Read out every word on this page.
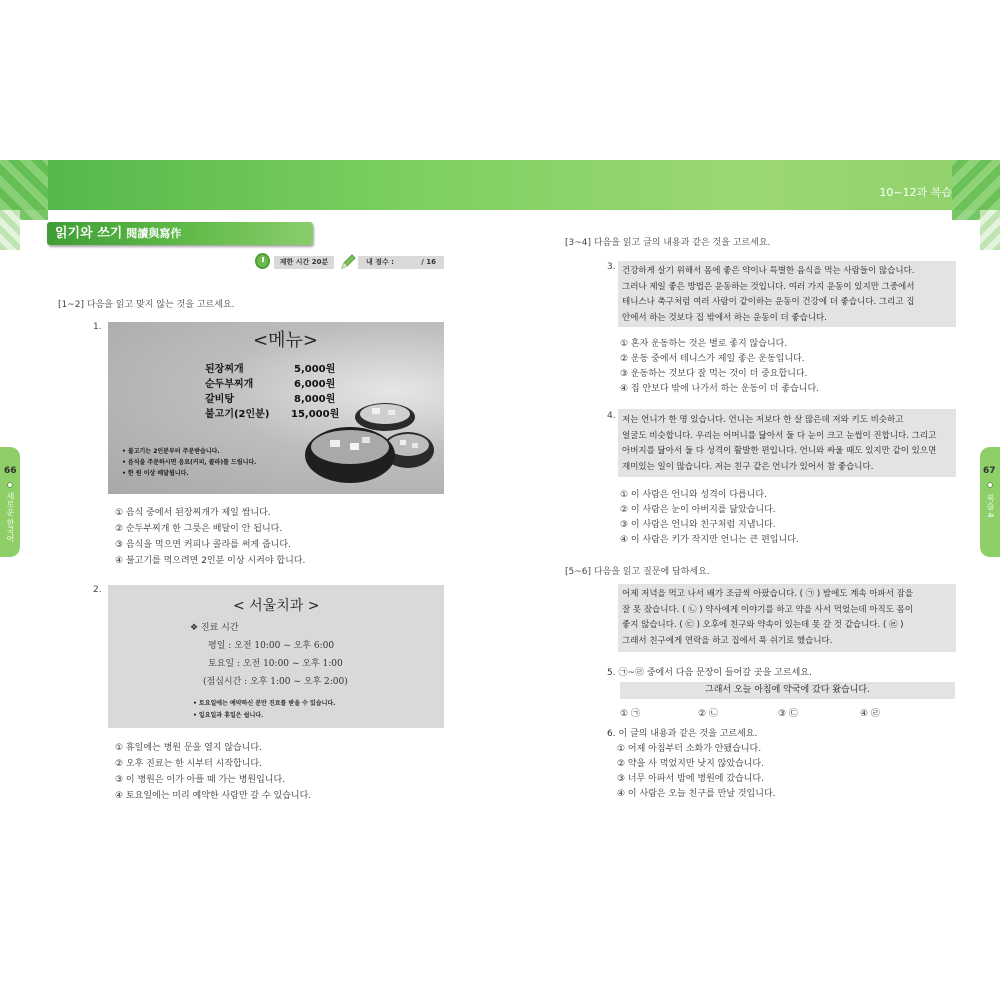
10~12과 복습
읽기와 쓰기 閱讀與寫作
제한 시간 20분	내 점수 :	/ 16
66
새로운 한국어
67
복습 4
[1~2] 다음을 읽고 맞지 않는 것을 고르세요.
1.
<메뉴>
된장찌개	5,000원
순두부찌개	6,000원
갈비탕	8,000원
불고기(2인분) 15,000원
• 불고기는 2인분부터 주문받습니다.
• 음식을 주문하시면 음료(커피, 콜라)를 드립니다.
• 한 원 이상 배달됩니다.
① 음식 중에서 된장찌개가 제일 쌉니다.
② 순두부찌개 한 그릇은 배달이 안 됩니다.
③ 음식을 먹으면 커피나 콜라를 써게 줍니다.
④ 불고기를 먹으려면 2인분 이상 시켜야 합니다.
2.
< 서울치과 >
❖ 진료 시간
평일 : 오전 10:00 ~ 오후 6:00
토요일 : 오전 10:00 ~ 오후 1:00
(점심시간 : 오후 1:00 ~ 오후 2:00)
• 토요일에는 예약하신 분만 진료를 받을 수 있습니다.
• 일요일과 휴일은 쉽니다.
① 휴일에는 병원 문을 열지 않습니다.
② 오후 진료는 한 시부터 시작합니다.
③ 이 병원은 이가 아플 때 가는 병원입니다.
④ 토요일에는 미리 예약한 사람만 갈 수 있습니다.
[3~4] 다음을 읽고 글의 내용과 같은 것을 고르세요.
3. 건강하게 살기 위해서 몸에 좋은 약이나 특별한 음식을 먹는 사람들이 많습니다.
그러나 제일 좋은 방법은 운동하는 것입니다. 여러 가지 운동이 있지만 그중에서
테니스나 축구처럼 여러 사람이 같이하는 운동이 건강에 더 좋습니다. 그리고 집
안에서 하는 것보다 집 밖에서 하는 운동이 더 좋습니다.
① 혼자 운동하는 것은 별로 좋지 않습니다.
② 운동 중에서 테니스가 제일 좋은 운동입니다.
③ 운동하는 것보다 잘 먹는 것이 더 중요합니다.
④ 집 안보다 밖에 나가서 하는 운동이 더 좋습니다.
4. 저는 언니가 한 명 있습니다. 언니는 저보다 한 살 많은데 저와 키도 비슷하고
얼굴도 비슷합니다. 우리는 어머니를 닮아서 둘 다 눈이 크고 눈썹이 진합니다. 그리고
아버지를 닮아서 둘 다 성격이 활발한 편입니다. 언니와 싸울 때도 있지만 같이 있으면
재미있는 일이 많습니다. 저는 친구 같은 언니가 있어서 참 좋습니다.
① 이 사람은 언니와 성격이 다릅니다.
② 이 사람은 눈이 아버지를 닮았습니다.
③ 이 사람은 언니와 친구처럼 지냅니다.
④ 이 사람은 키가 작지만 언니는 큰 편입니다.
[5~6] 다음을 읽고 질문에 답하세요.
어제 저녁을 먹고 나서 배가 조금씩 아팠습니다. ( ㉠ ) 밤에도 계속 아파서 잠을
잘 못 잤습니다. ( ㉡ ) 약사에게 이야기를 하고 약을 사서 먹었는데 아직도 몸이
좋지 않습니다. ( ㉢ ) 오후에 친구와 약속이 있는데 못 갈 것 같습니다. ( ㉣ )
그래서 친구에게 연락을 하고 집에서 푹 쉬기로 했습니다.
5. ㉠~㉣ 중에서 다음 문장이 들어갈 곳을 고르세요.
그래서 오늘 아침에 약국에 갔다 왔습니다.
① ㉠	② ㉡	③ ㉢	④ ㉣
6. 이 글의 내용과 같은 것을 고르세요.
① 어제 아침부터 소화가 안됐습니다.
② 약을 사 먹었지만 낫지 않았습니다.
③ 너무 아파서 밤에 병원에 갔습니다.
④ 이 사람은 오늘 친구를 만날 것입니다.
